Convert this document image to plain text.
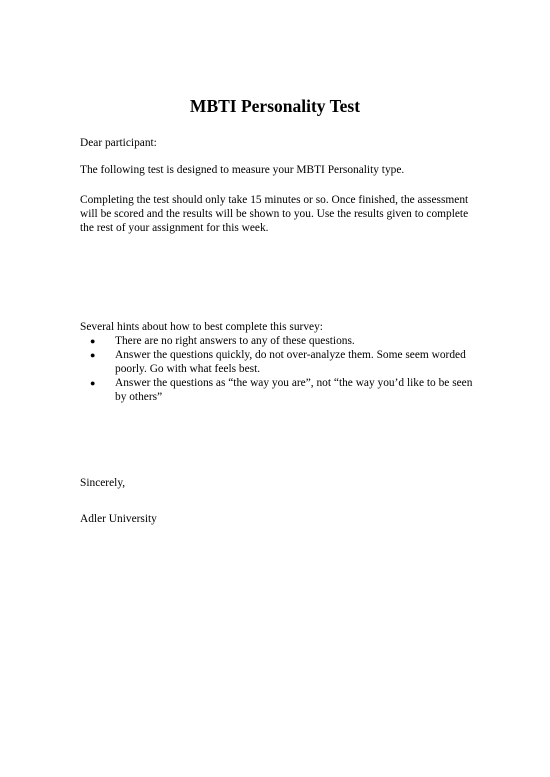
MBTI Personality Test

Dear participant:

The following test is designed to measure your MBTI Personality type.

Completing the test should only take 15 minutes or so. Once finished, the assessment will be scored and the results will be shown to you. Use the results given to complete the rest of your assignment for this week.

Several hints about how to best complete this survey:

● There are no right answers to any of these questions.
● Answer the questions quickly, do not over-analyze them. Some seem worded poorly. Go with what feels best.
● Answer the questions as “the way you are”, not “the way you’d like to be seen by others”

Sincerely,

Adler University
